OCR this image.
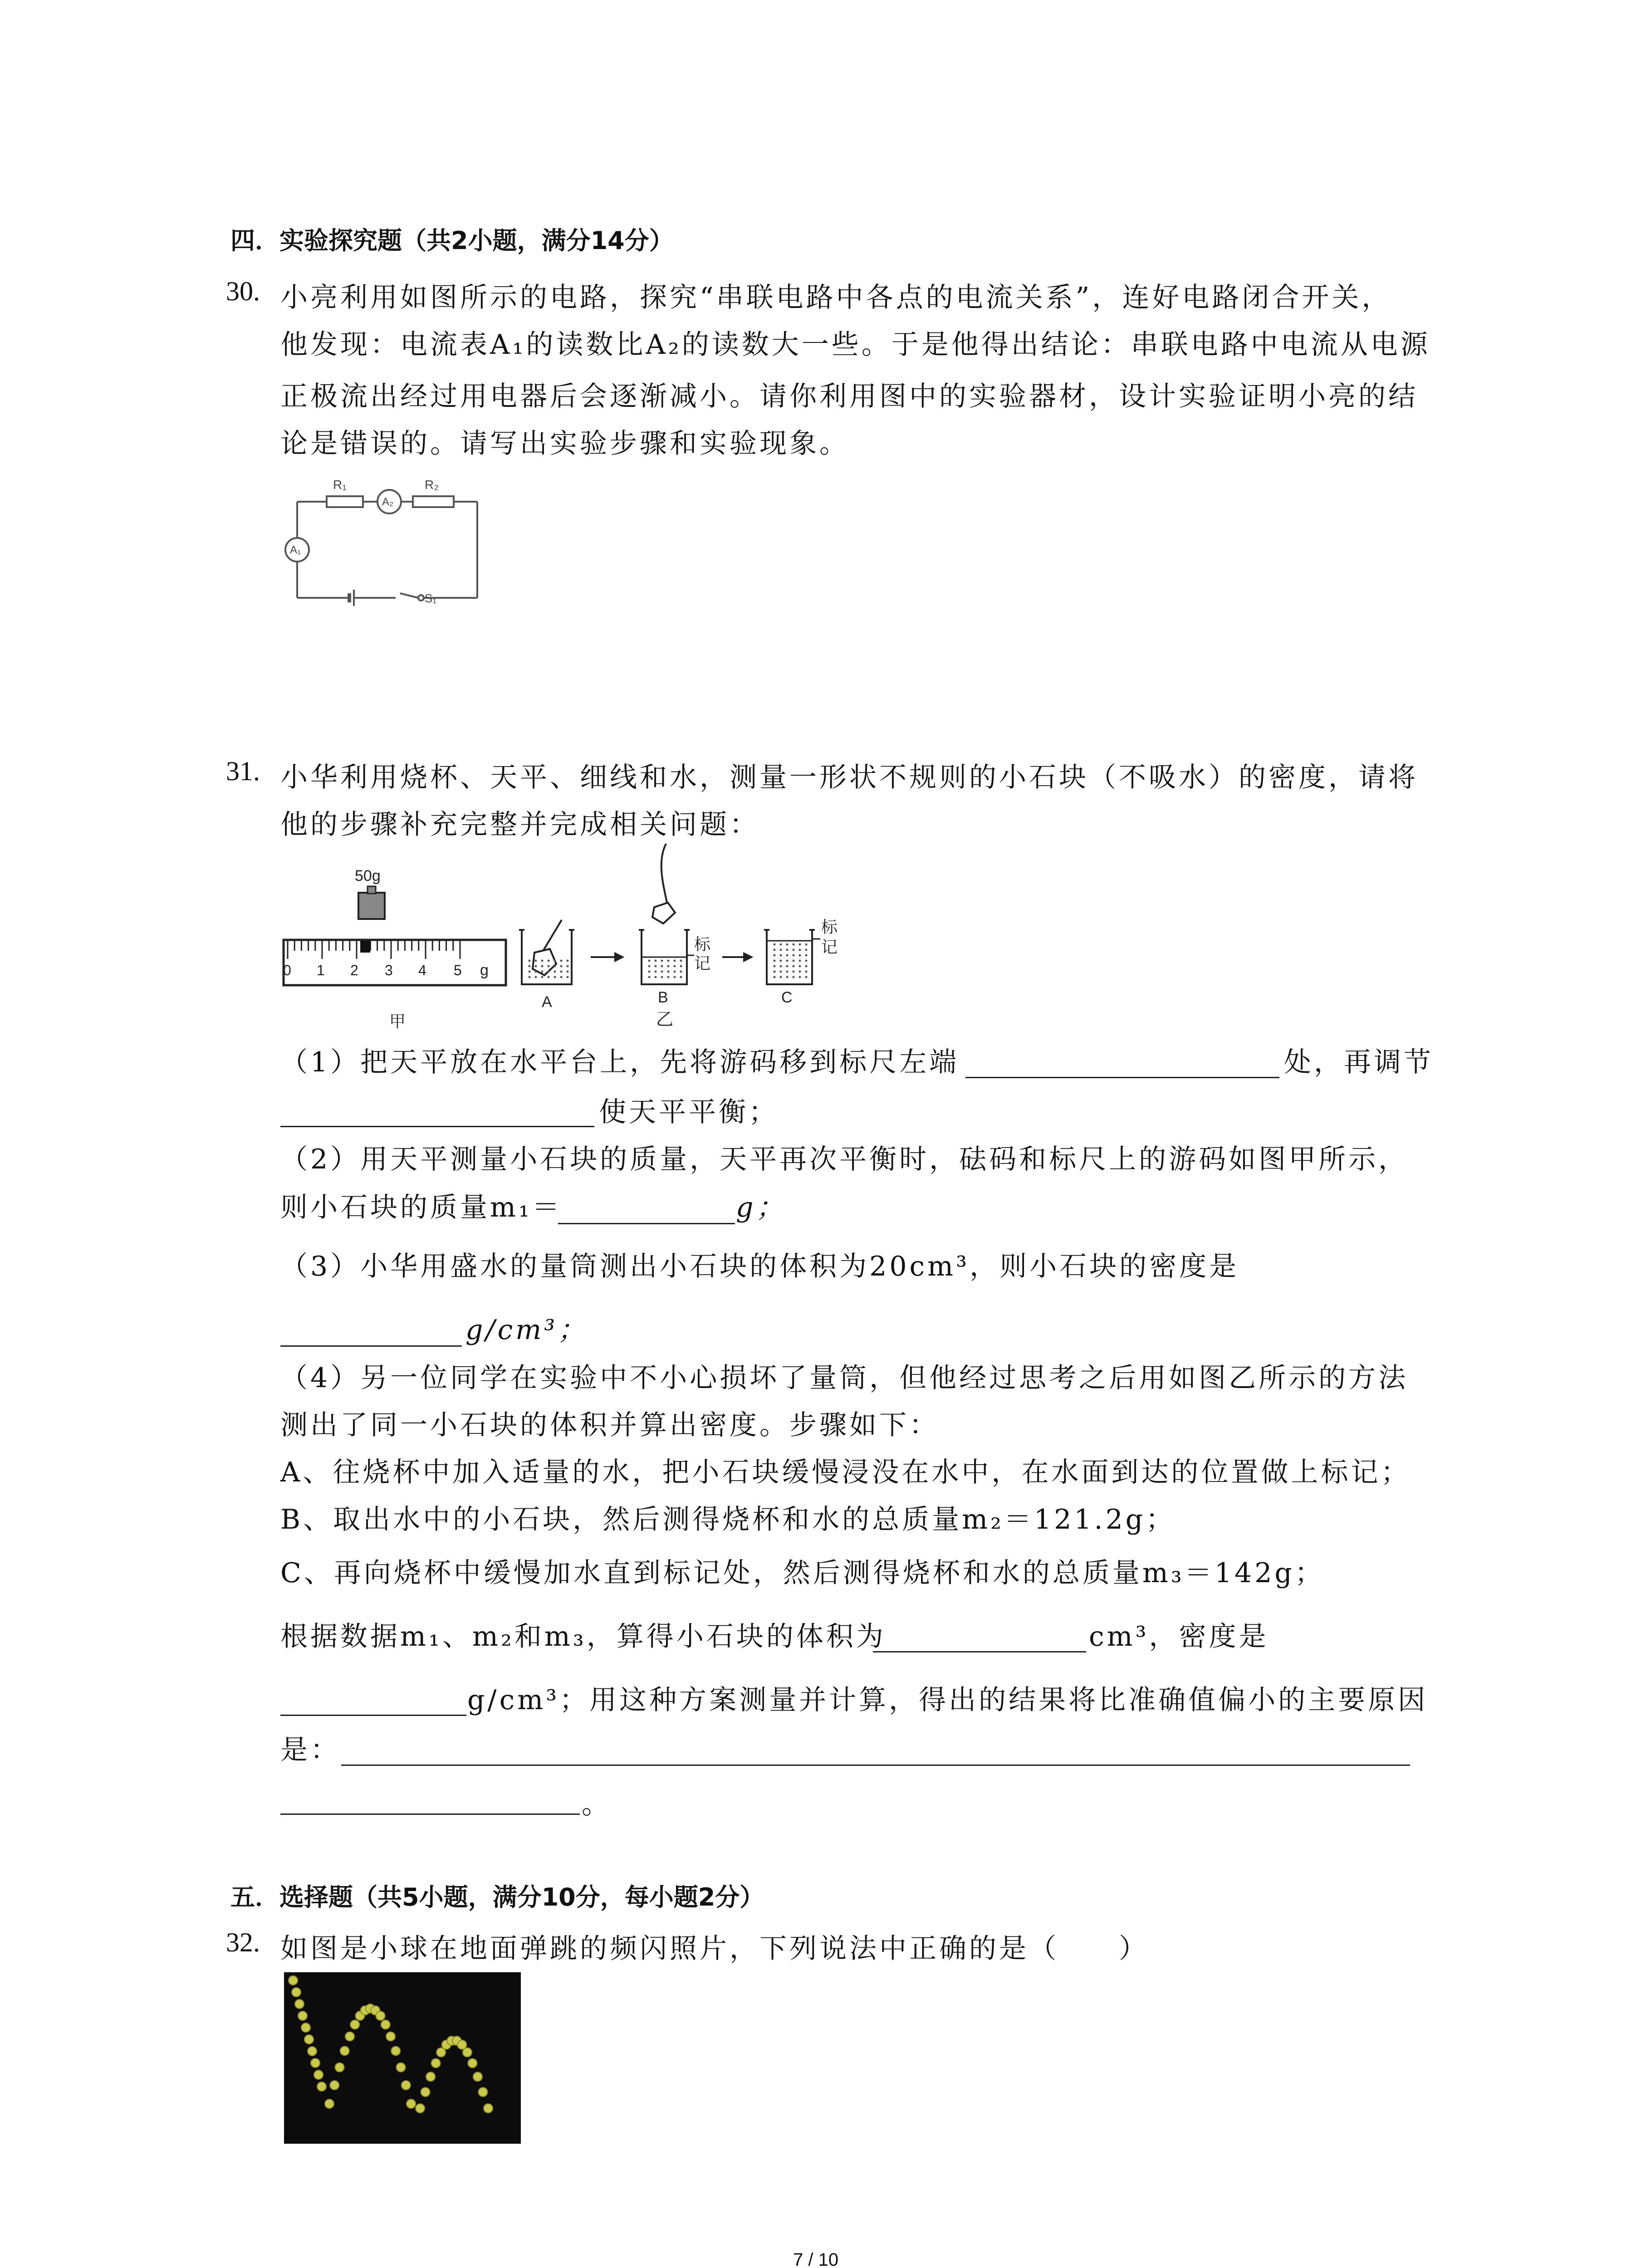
四．实验探究题（共2小题，满分14分）
30. 小亮利用如图所示的电路，探究“串联电路中各点的电流关系”，连好电路闭合开关，
他发现：电流表A₁的读数比A₂的读数大一些。于是他得出结论：串联电路中电流从电源
正极流出经过用电器后会逐渐减小。请你利用图中的实验器材，设计实验证明小亮的结
论是错误的。请写出实验步骤和实验现象。
R₁
A₂
R₂
A₁
S₁
31. 小华利用烧杯、天平、细线和水，测量一形状不规则的小石块（不吸水）的密度，请将
他的步骤补充完整并完成相关问题：
50g
0 1 2 3 4 5 g
甲
标
记
标
记
A	B	C
乙
（1）把天平放在水平台上，先将游码移到标尺左端	处，再调节
使天平平衡；
（2）用天平测量小石块的质量，天平再次平衡时，砝码和标尺上的游码如图甲所示，
则小石块的质量m₁＝	g；
（3）小华用盛水的量筒测出小石块的体积为20cm³，则小石块的密度是
g/cm³；
（4）另一位同学在实验中不小心损坏了量筒，但他经过思考之后用如图乙所示的方法
测出了同一小石块的体积并算出密度。步骤如下：
A、往烧杯中加入适量的水，把小石块缓慢浸没在水中，在水面到达的位置做上标记；
B、取出水中的小石块，然后测得烧杯和水的总质量m₂＝121.2g；
C、再向烧杯中缓慢加水直到标记处，然后测得烧杯和水的总质量m₃＝142g；
根据数据m₁、m₂和m₃，算得小石块的体积为	cm³，密度是
g/cm³；用这种方案测量并计算，得出的结果将比准确值偏小的主要原因
是：
。
五．选择题（共5小题，满分10分，每小题2分）
32. 如图是小球在地面弹跳的频闪照片，下列说法中正确的是（　　）
7 / 10
